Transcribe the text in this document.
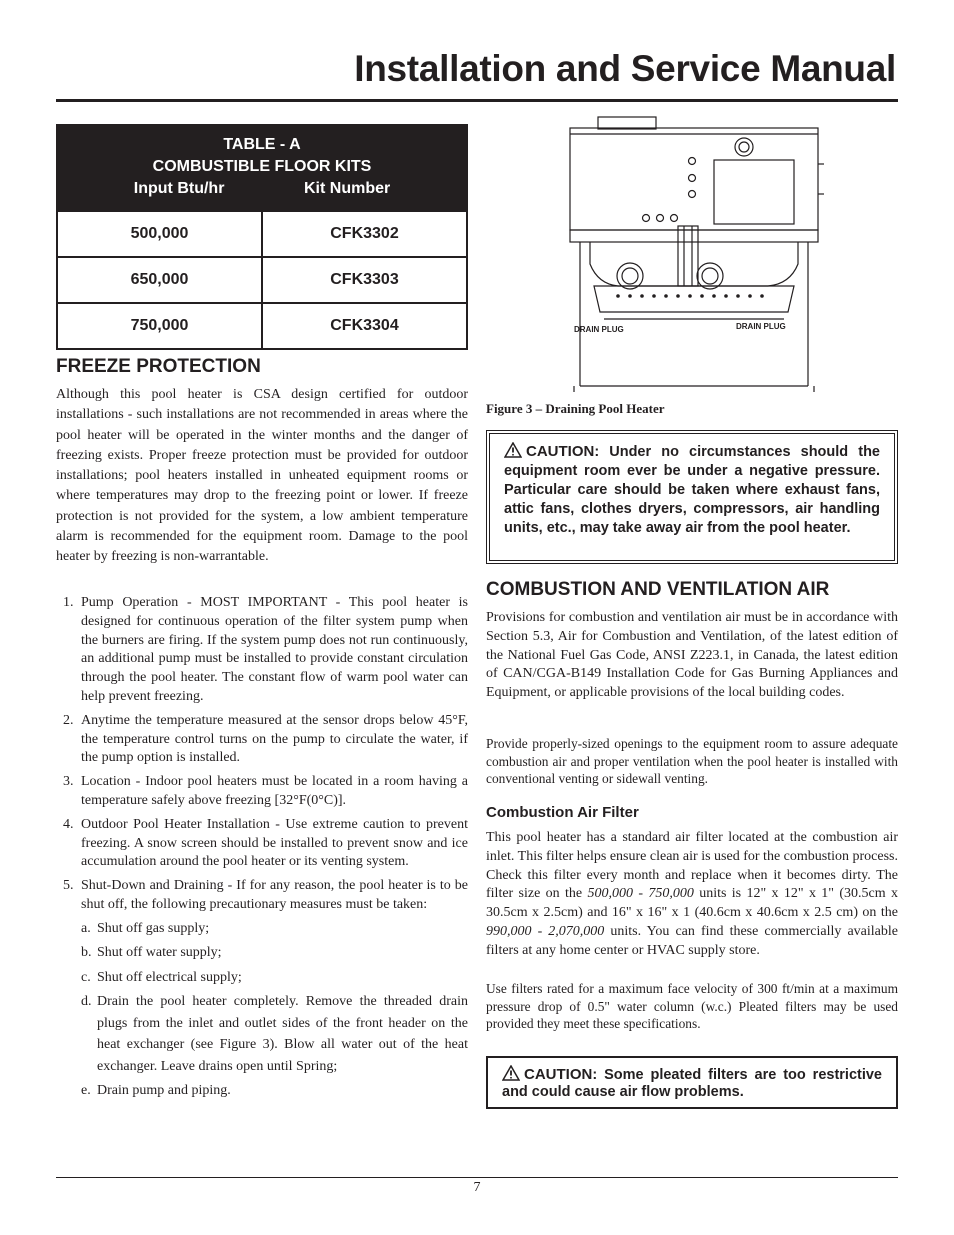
Installation and Service Manual
TABLE - A
COMBUSTIBLE FLOOR KITS
Input Btu/hr	Kit Number
500,000	CFK3302
650,000	CFK3303
750,000	CFK3304
FREEZE PROTECTION

Although this pool heater is CSA design certified for outdoor installations - such installations are not recommended in areas where the pool heater will be operated in the winter months and the danger of freezing exists. Proper freeze protection must be provided for outdoor installations; pool heaters installed in unheated equipment rooms or where temperatures may drop to the freezing point or lower. If freeze protection is not provided for the system, a low ambient temperature alarm is recommended for the equipment room. Damage to the pool heater by freezing is non-warrantable.

1. Pump Operation - MOST IMPORTANT - This pool heater is designed for continuous operation of the filter system pump when the burners are firing. If the system pump does not run continuously, an additional pump must be installed to provide constant circulation through the pool heater. The constant flow of warm pool water can help prevent freezing.
2. Anytime the temperature measured at the sensor drops below 45°F, the temperature control turns on the pump to circulate the water, if the pump option is installed.
3. Location - Indoor pool heaters must be located in a room having a temperature safely above freezing [32°F(0°C)].
4. Outdoor Pool Heater Installation - Use extreme caution to prevent freezing. A snow screen should be installed to prevent snow and ice accumulation around the pool heater or its venting system.
5. Shut-Down and Draining - If for any reason, the pool heater is to be shut off, the following precautionary measures must be taken:
a. Shut off gas supply;
b. Shut off water supply;
c. Shut off electrical supply;
d. Drain the pool heater completely. Remove the threaded drain plugs from the inlet and outlet sides of the front header on the heat exchanger (see Figure 3). Blow all water out of the heat exchanger. Leave drains open until Spring;
e. Drain pump and piping.
DRAIN PLUG	DRAIN PLUG
Figure 3 – Draining Pool Heater
CAUTION: Under no circumstances should the equipment room ever be under a negative pressure. Particular care should be taken where exhaust fans, attic fans, clothes dryers, compressors, air handling units, etc., may take away air from the pool heater.
COMBUSTION AND VENTILATION AIR

Provisions for combustion and ventilation air must be in accordance with Section 5.3, Air for Combustion and Ventilation, of the latest edition of the National Fuel Gas Code, ANSI Z223.1, in Canada, the latest edition of CAN/CGA-B149 Installation Code for Gas Burning Appliances and Equipment, or applicable provisions of the local building codes.

Provide properly-sized openings to the equipment room to assure adequate combustion air and proper ventilation when the pool heater is installed with conventional venting or sidewall venting.

Combustion Air Filter

This pool heater has a standard air filter located at the combustion air inlet. This filter helps ensure clean air is used for the combustion process. Check this filter every month and replace when it becomes dirty. The filter size on the 500,000 - 750,000 units is 12" x 12" x 1" (30.5cm x 30.5cm x 2.5cm) and 16" x 16" x 1 (40.6cm x 40.6cm x 2.5 cm) on the 990,000 - 2,070,000 units. You can find these commercially available filters at any home center or HVAC supply store.

Use filters rated for a maximum face velocity of 300 ft/min at a maximum pressure drop of 0.5" water column (w.c.) Pleated filters may be used provided they meet these specifications.

CAUTION: Some pleated filters are too restrictive and could cause air flow problems.
7
